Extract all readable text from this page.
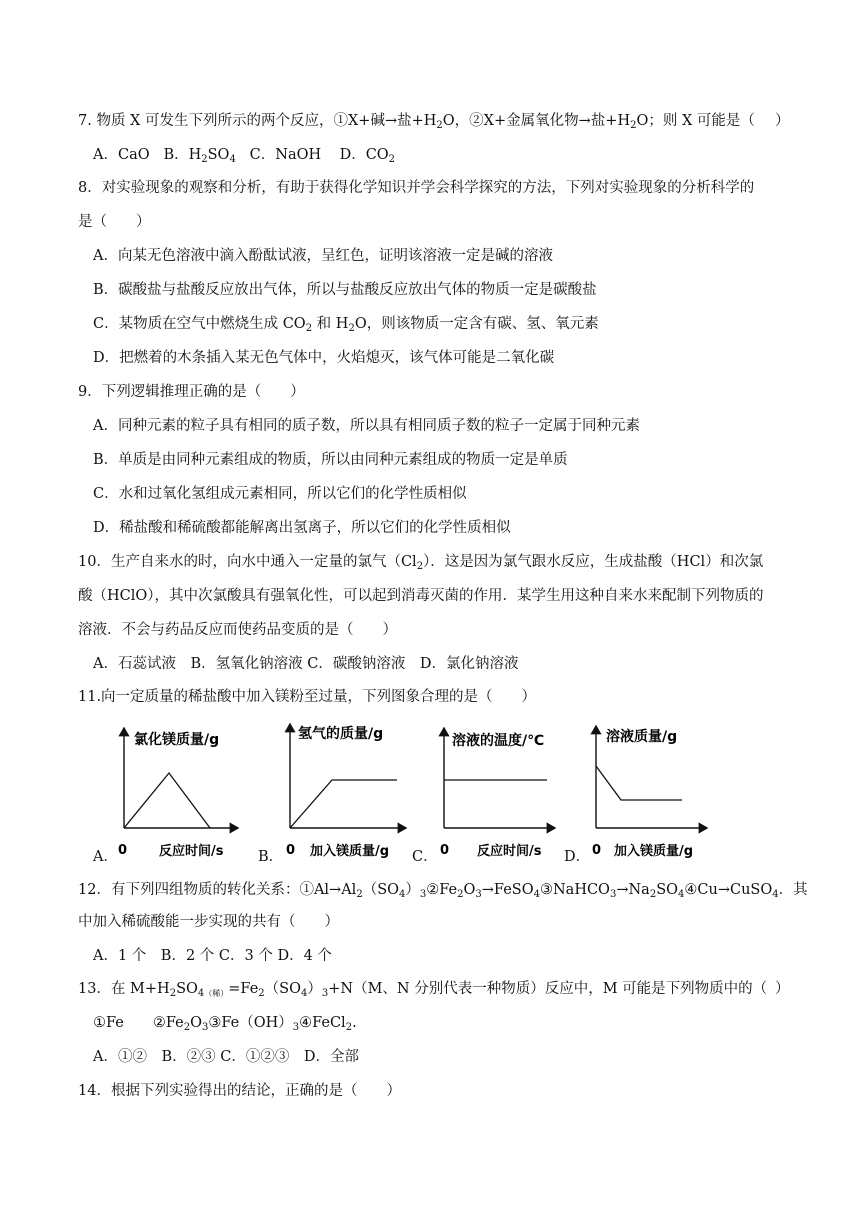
7. 物质 X 可发生下列所示的两个反应，①X+碱→盐$+H_2O$，②X+金属氧化物→盐$+H_2O$；则 X 可能是（ ）
A．CaO B．$H_2SO_4$ C．NaOH D．$CO_2$
8．对实验现象的观察和分析，有助于获得化学知识并学会科学探究的方法，下列对实验现象的分析科学的
是（　　）
A．向某无色溶液中滴入酚酞试液，呈红色，证明该溶液一定是碱的溶液
B．碳酸盐与盐酸反应放出气体，所以与盐酸反应放出气体的物质一定是碳酸盐
C．某物质在空气中燃烧生成 $CO_2$ 和 $H_2O$，则该物质一定含有碳、氢、氧元素
D．把燃着的木条插入某无色气体中，火焰熄灭，该气体可能是二氧化碳
9．下列逻辑推理正确的是（　　）
A．同种元素的粒子具有相同的质子数，所以具有相同质子数的粒子一定属于同种元素
B．单质是由同种元素组成的物质，所以由同种元素组成的物质一定是单质
C．水和过氧化氢组成元素相同，所以它们的化学性质相似
D．稀盐酸和稀硫酸都能解离出氢离子，所以它们的化学性质相似
10．生产自来水的时，向水中通入一定量的氯气$(Cl_2)$．这是因为氯气跟水反应，生成盐酸（HCl）和次氯
酸（HClO），其中次氯酸具有强氧化性，可以起到消毒灭菌的作用．某学生用这种自来水来配制下列物质的
溶液．不会与药品反应而使药品变质的是（　　）
A．石蕊试液　B．氢氧化钠溶液 C．碳酸钠溶液　D．氯化钠溶液
11.向一定质量的稀盐酸中加入镁粉至过量，下列图象合理的是（　　）
A．	B．	C．	D．
氯化镁质量/g
0 反应时间/s
氢气的质量/g
0 加入镁质量/g
溶液的温度/℃
0 反应时间/s
溶液质量/g
0 加入镁质量/g
12．有下列四组物质的转化关系：$①Al\to Al_2(SO_4)_3②Fe_2O_3\to FeSO_4③NaHCO_3\to Na_2SO_4④Cu\to CuSO_4$．其
中加入稀硫酸能一步实现的共有（　　）
A．1 个　B．2 个 C．3 个 D．4 个
13．在 $M+H_2SO_{4(稀)}=Fe_2(SO_4)_3+N(M$、N 分别代表一种物质）反应中，M 可能是下列物质中的（ ）
①Fe　　$②Fe_2O_3③Fe(OH)_3④FeCl_2$.
A．①②　B．②③ C．①②③　D．全部
14．根据下列实验得出的结论，正确的是（　　）
